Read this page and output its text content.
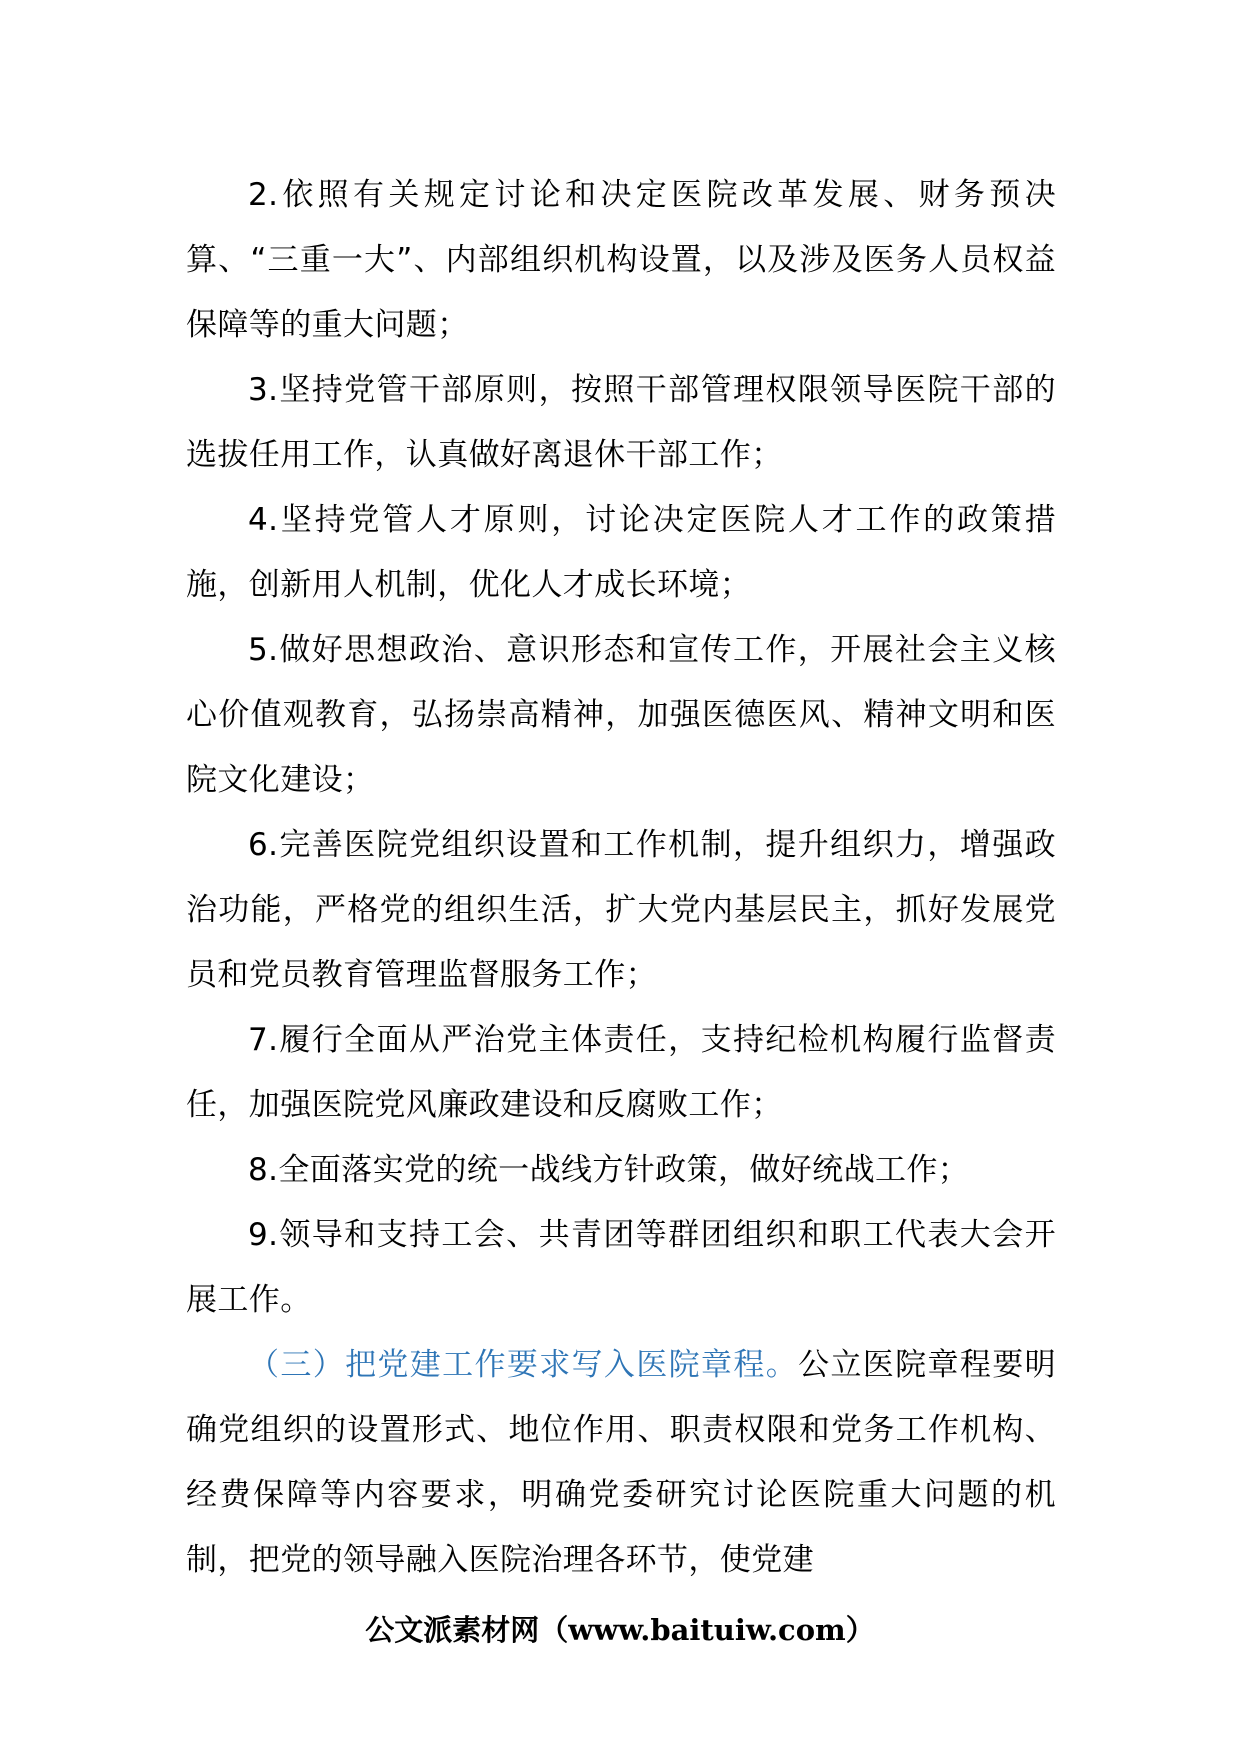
2.依照有关规定讨论和决定医院改革发展、财务预决算、“三重一大”、内部组织机构设置，以及涉及医务人员权益保障等的重大问题；

3.坚持党管干部原则，按照干部管理权限领导医院干部的选拔任用工作，认真做好离退休干部工作；

4.坚持党管人才原则，讨论决定医院人才工作的政策措施，创新用人机制，优化人才成长环境；

5.做好思想政治、意识形态和宣传工作，开展社会主义核心价值观教育，弘扬崇高精神，加强医德医风、精神文明和医院文化建设；

6.完善医院党组织设置和工作机制，提升组织力，增强政治功能，严格党的组织生活，扩大党内基层民主，抓好发展党员和党员教育管理监督服务工作；

7.履行全面从严治党主体责任，支持纪检机构履行监督责任，加强医院党风廉政建设和反腐败工作；

8.全面落实党的统一战线方针政策，做好统战工作；

9.领导和支持工会、共青团等群团组织和职工代表大会开展工作。

（三）把党建工作要求写入医院章程。公立医院章程要明确党组织的设置形式、地位作用、职责权限和党务工作机构、经费保障等内容要求，明确党委研究讨论医院重大问题的机制，把党的领导融入医院治理各环节，使党建

公文派素材网（www.baituiw.com）
